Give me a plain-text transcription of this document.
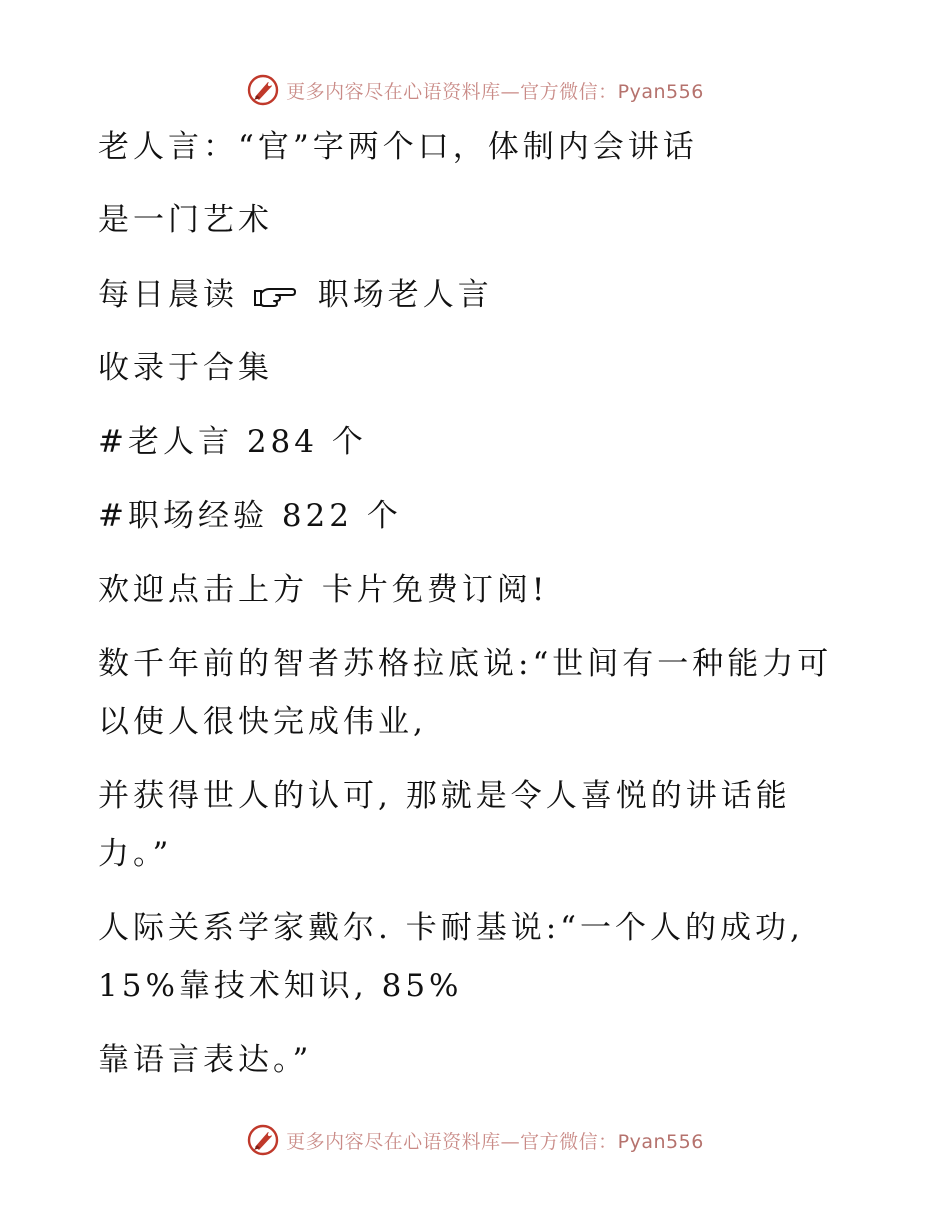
更多内容尽在心语资料库—官方微信：Pyan556
老人言：“官”字两个口，体制内会讲话
是一门艺术
每日晨读	职场老人言
收录于合集
#老人言 284 个
#职场经验 822 个
欢迎点击上方 卡片免费订阅!
数千年前的智者苏格拉底说:“世间有一种能力可
以使人很快完成伟业,
并获得世人的认可, 那就是令人喜悦的讲话能
力。”
人际关系学家戴尔. 卡耐基说:“一个人的成功,
15%靠技术知识, 85%
靠语言表达。”
更多内容尽在心语资料库—官方微信：Pyan556
